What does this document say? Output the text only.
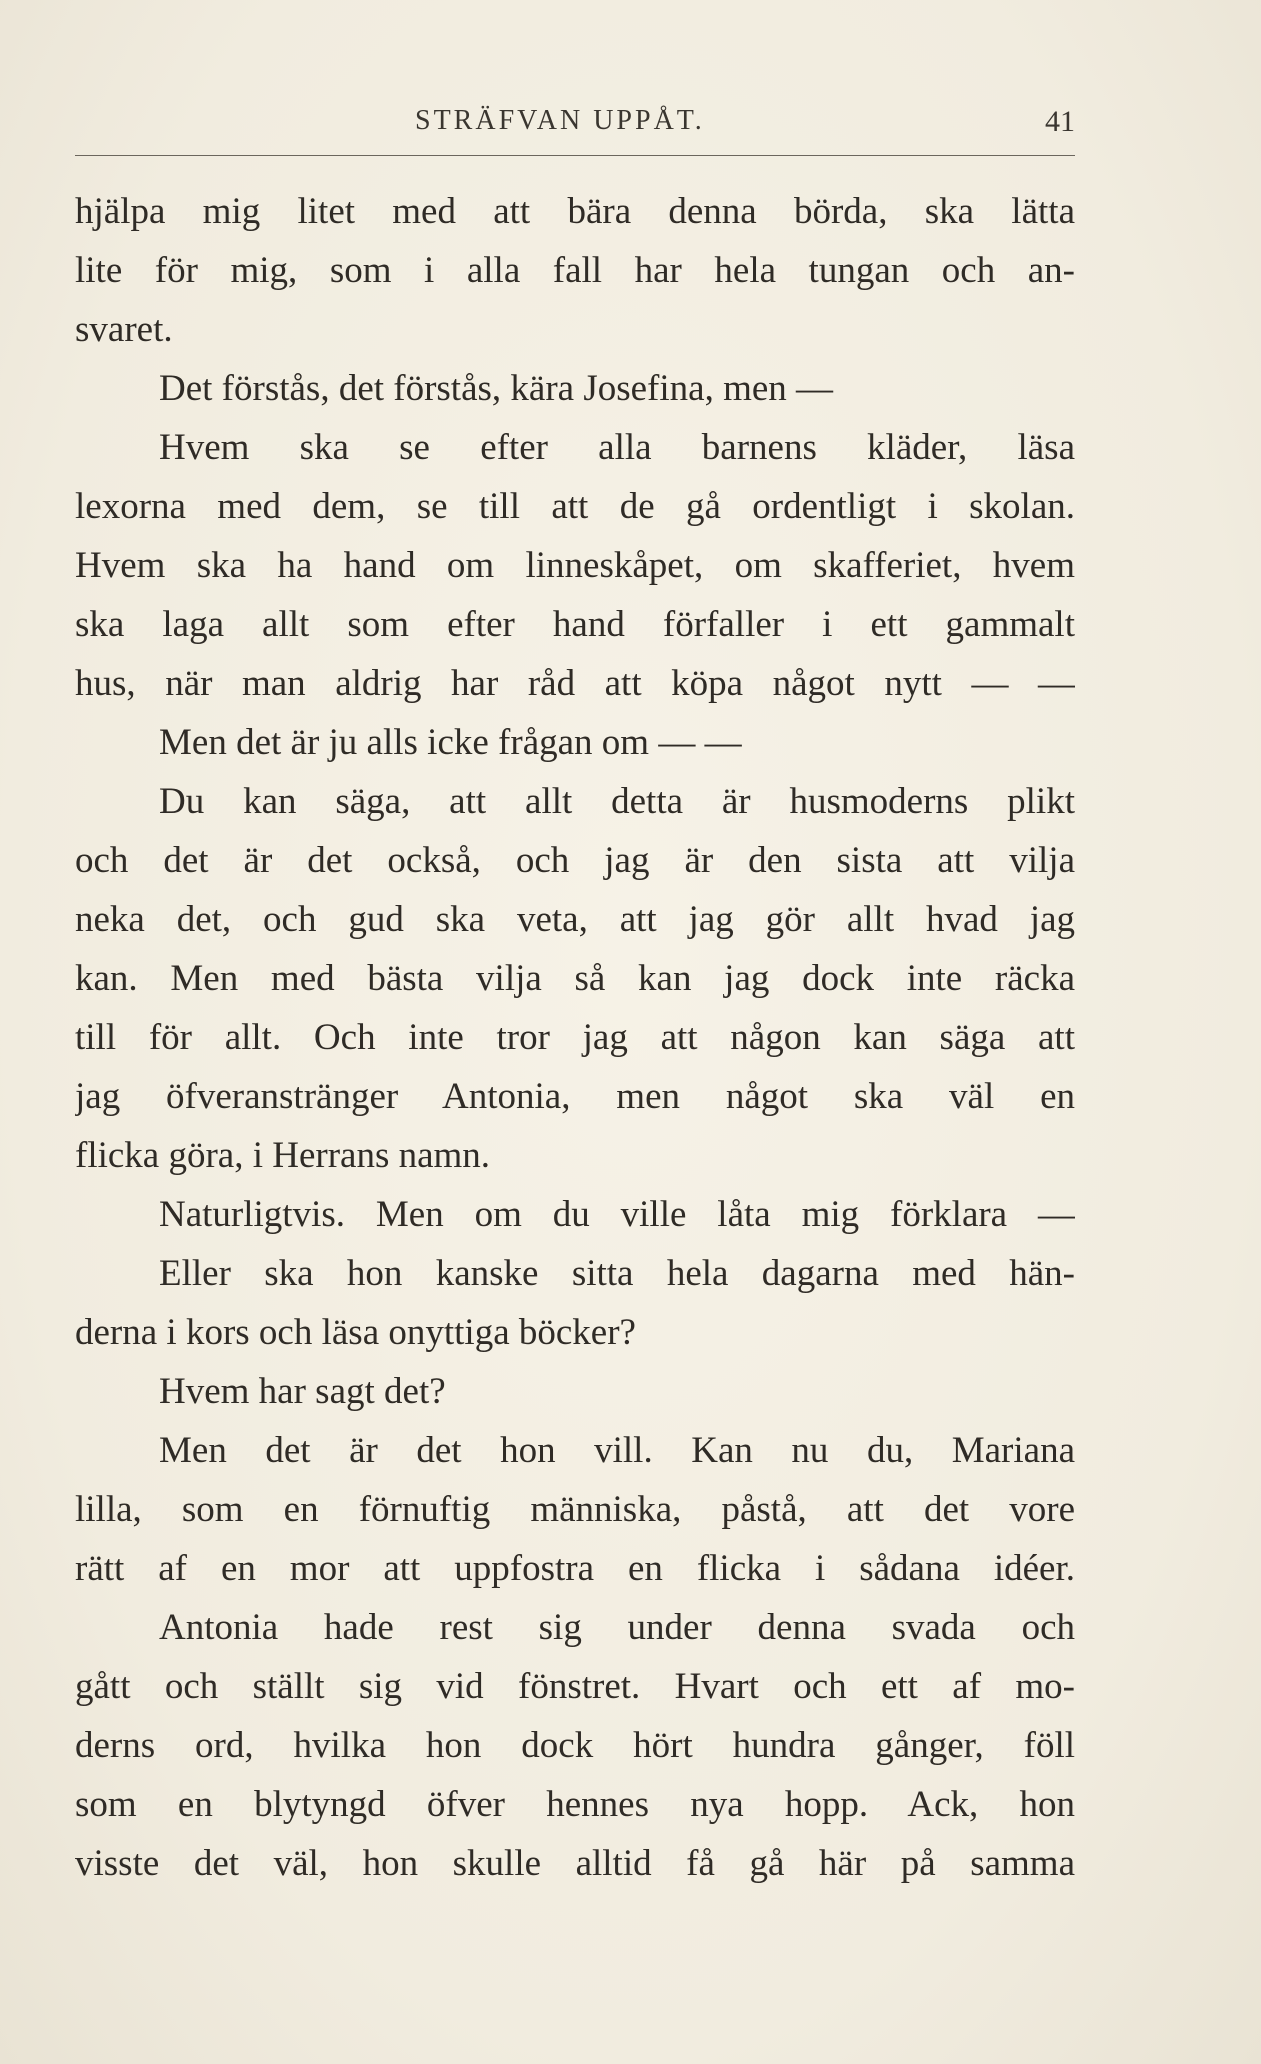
STRÄFVAN UPPÅT.	41
hjälpa mig litet med att bära denna börda, ska lätta
lite för mig, som i alla fall har hela tungan och an-
svaret.
Det förstås, det förstås, kära Josefina, men —
Hvem ska se efter alla barnens kläder, läsa
lexorna med dem, se till att de gå ordentligt i skolan.
Hvem ska ha hand om linneskåpet, om skafferiet, hvem
ska laga allt som efter hand förfaller i ett gammalt
hus, när man aldrig har råd att köpa något nytt — —
Men det är ju alls icke frågan om — —
Du kan säga, att allt detta är husmoderns plikt
och det är det också, och jag är den sista att vilja
neka det, och gud ska veta, att jag gör allt hvad jag
kan. Men med bästa vilja så kan jag dock inte räcka
till för allt. Och inte tror jag att någon kan säga att
jag öfveranstränger Antonia, men något ska väl en
flicka göra, i Herrans namn.
Naturligtvis. Men om du ville låta mig förklara —
Eller ska hon kanske sitta hela dagarna med hän-
derna i kors och läsa onyttiga böcker?
Hvem har sagt det?
Men det är det hon vill. Kan nu du, Mariana
lilla, som en förnuftig människa, påstå, att det vore
rätt af en mor att uppfostra en flicka i sådana idéer.
Antonia hade rest sig under denna svada och
gått och ställt sig vid fönstret. Hvart och ett af mo-
derns ord, hvilka hon dock hört hundra gånger, föll
som en blytyngd öfver hennes nya hopp. Ack, hon
visste det väl, hon skulle alltid få gå här på samma
